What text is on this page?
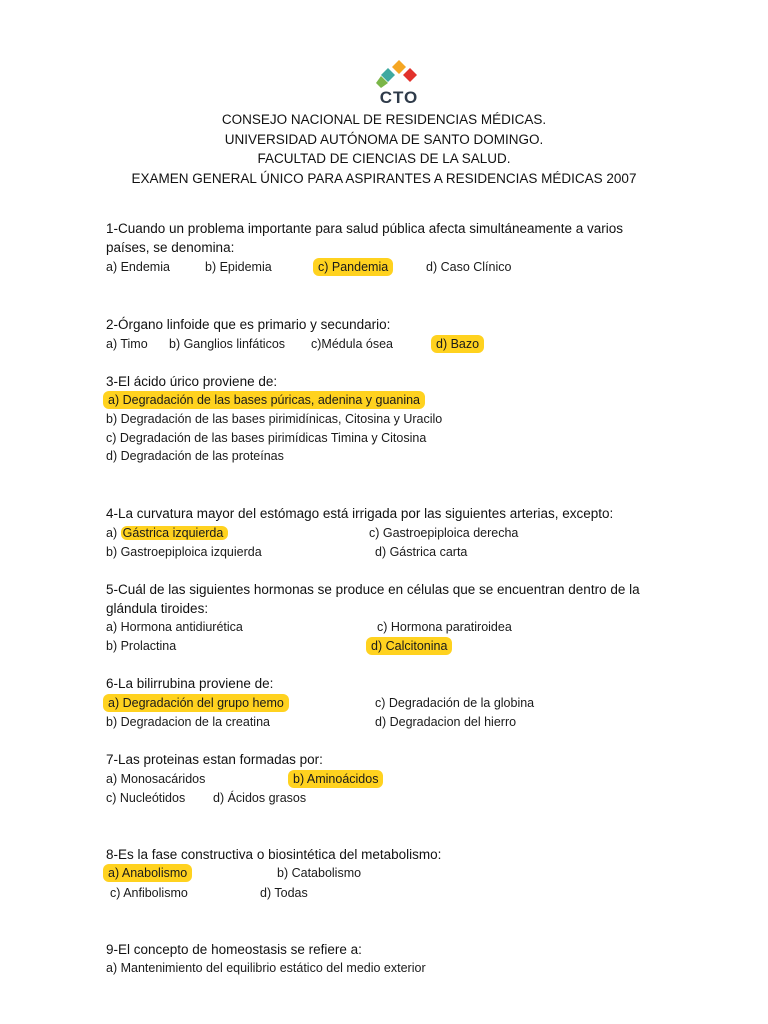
CTO
CONSEJO NACIONAL DE RESIDENCIAS MÉDICAS.
UNIVERSIDAD AUTÓNOMA DE SANTO DOMINGO.
FACULTAD DE CIENCIAS DE LA SALUD.
EXAMEN GENERAL ÚNICO PARA ASPIRANTES A RESIDENCIAS MÉDICAS 2007
1-Cuando un problema importante para salud pública afecta simultáneamente a varios
países, se denomina:
a) Endemia	b) Epidemia	c) Pandemia	d) Caso Clínico
2-Órgano linfoide que es primario y secundario:
a) Timo b) Ganglios linfáticos c)Médula ósea	d) Bazo
3-El ácido úrico proviene de:
a) Degradación de las bases púricas, adenina y guanina
b) Degradación de las bases pirimidínicas, Citosina y Uracilo
c) Degradación de las bases pirimídicas Timina y Citosina
d) Degradación de las proteínas
4-La curvatura mayor del estómago está irrigada por las siguientes arterias, excepto:
a) Gástrica izquierda	c) Gastroepiploica derecha
b) Gastroepiploica izquierda	d) Gástrica carta
5-Cuál de las siguientes hormonas se produce en células que se encuentran dentro de la
glándula tiroides:
a) Hormona antidiurética	c) Hormona paratiroidea
b) Prolactina	d) Calcitonina
6-La bilirrubina proviene de:
a) Degradación del grupo hemo	c) Degradación de la globina
b) Degradacion de la creatina	d) Degradacion del hierro
7-Las proteinas estan formadas por:
a) Monosacáridos	b) Aminoácidos
c) Nucleótidos d) Ácidos grasos
8-Es la fase constructiva o biosintética del metabolismo:
a) Anabolismo	b) Catabolismo
c) Anfibolismo	d) Todas
9-El concepto de homeostasis se refiere a:
a) Mantenimiento del equilibrio estático del medio exterior
